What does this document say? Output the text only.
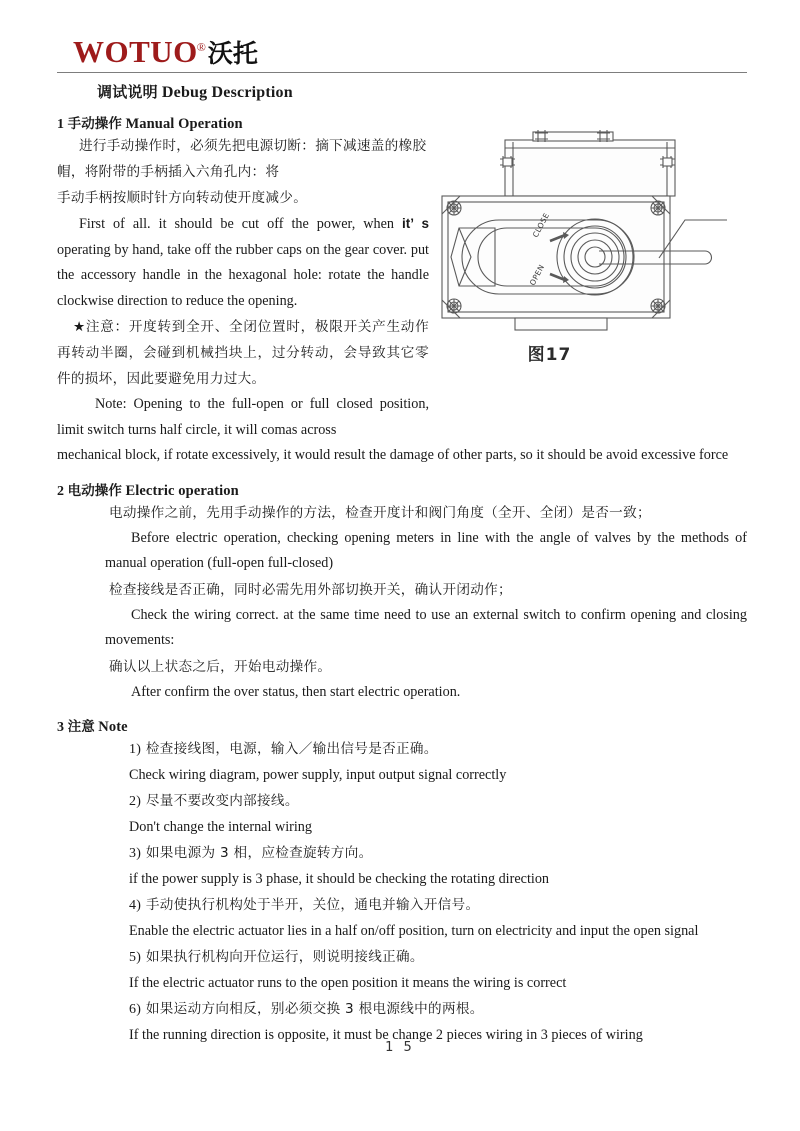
WOTUO®沃托
调试说明 Debug Description
1 手动操作 Manual Operation
进行手动操作时，必须先把电源切断：摘下减速盖的橡胶帽，将附带的手柄插入六角孔内：将
手动手柄按顺时针方向转动使开度减少。
First of all. it should be cut off the power, when it’ s operating by hand, take off the rubber caps on the gear cover. put the accessory handle in the hexagonal hole: rotate the handle clockwise direction to reduce the opening.
★注意：开度转到全开、全闭位置时，极限开关产生动作再转动半圈，会碰到机械挡块上，过分转动，会导致其它零件的损坏，因此要避免用力过大。
Note: Opening to the full-open or full closed position, limit switch turns half circle, it will comas across
mechanical block, if rotate excessively, it would result the damage of other parts, so it should be avoid excessive force
2 电动操作 Electric operation
电动操作之前，先用手动操作的方法，检查开度计和阀门角度（全开、全闭）是否一致；
Before electric operation, checking opening meters in line with the angle of valves by the methods of manual operation (full-open full-closed)
检查接线是否正确，同时必需先用外部切换开关，确认开闭动作；
Check the wiring correct. at the same time need to use an external switch to confirm opening and closing movements:
确认以上状态之后，开始电动操作。
After confirm the over status, then start electric operation.
3 注意 Note
1) 检查接线图，电源，输入／输出信号是否正确。
Check wiring diagram, power supply, input output signal correctly
2) 尽量不要改变内部接线。
Don't change the internal wiring
3) 如果电源为 3 相，应检查旋转方向。
if the power supply is 3 phase, it should be checking the rotating direction
4) 手动使执行机构处于半开，关位，通电并输入开信号。
Enable the electric actuator lies in a half on/off position, turn on electricity and input the open signal
5) 如果执行机构向开位运行，则说明接线正确。
If the electric actuator runs to the open position it means the wiring is correct
6) 如果运动方向相反，别必须交换 3 根电源线中的两根。
If the running direction is opposite, it must be change 2 pieces wiring in 3 pieces of wiring
CLOSE
OPEN
图17
1 5
